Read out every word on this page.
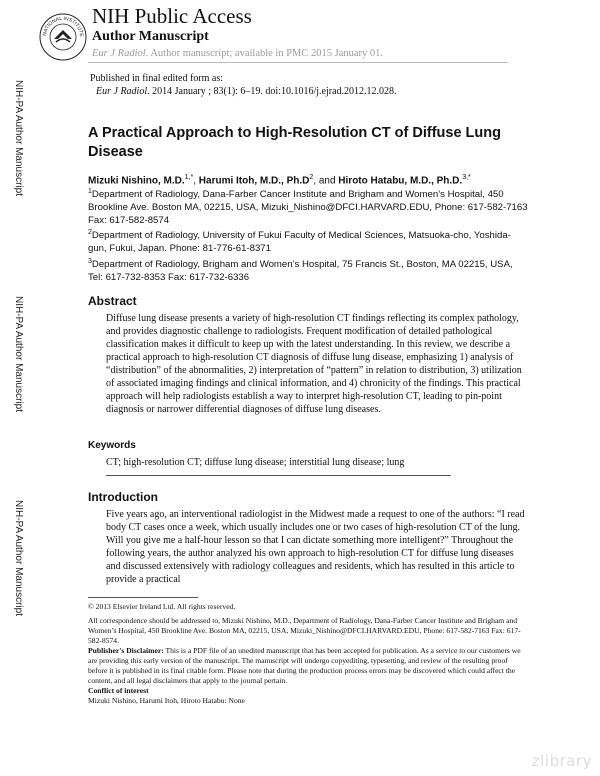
NATIONAL INSTITUTE
NIH Public Access
Author Manuscript
Eur J Radiol. Author manuscript; available in PMC 2015 January 01.
NIH-PA Author Manuscript
NIH-PA Author Manuscript
NIH-PA Author Manuscript
Published in final edited form as:
Eur J Radiol. 2014 January ; 83(1): 6–19. doi:10.1016/j.ejrad.2012.12.028.
A Practical Approach to High-Resolution CT of Diffuse Lung Disease
Mizuki Nishino, M.D.$^{1,*}$, Harumi Itoh, M.D., $Ph.D^2$, and Hiroto Hatabu, M.D., Ph.D.$^{3,*}$
$^1$Department of Radiology, Dana-Farber Cancer Institute and Brigham and Women’s Hospital, 450 Brookline Ave. Boston MA, 02215, USA, Mizuki_Nishino@DFCI.HARVARD.EDU, Phone: 617-582-7163 Fax: 617-582-8574
$^2$Department of Radiology, University of Fukui Faculty of Medical Sciences, Matsuoka-cho, Yoshida-gun, Fukui, Japan. Phone: 81-776-61-8371
$^3$Department of Radiology, Brigham and Women’s Hospital, 75 Francis St., Boston, MA 02215, USA, Tel: 617-732-8353 Fax: 617-732-6336
Abstract
Diffuse lung disease presents a variety of high-resolution CT findings reflecting its complex pathology, and provides diagnostic challenge to radiologists. Frequent modification of detailed pathological classification makes it difficult to keep up with the latest understanding. In this review, we describe a practical approach to high-resolution CT diagnosis of diffuse lung disease, emphasizing 1) analysis of “distribution” of the abnormalities, 2) interpretation of “pattern” in relation to distribution, 3) utilization of associated imaging findings and clinical information, and 4) chronicity of the findings. This practical approach will help radiologists establish a way to interpret high-resolution CT, leading to pin-point diagnosis or narrower differential diagnoses of diffuse lung diseases.
Keywords
CT; high-resolution CT; diffuse lung disease; interstitial lung disease; lung
Introduction
Five years ago, an interventional radiologist in the Midwest made a request to one of the authors: “I read body CT cases once a week, which usually includes one or two cases of high-resolution CT of the lung. Will you give me a half-hour lesson so that I can dictate something more intelligent?” Throughout the following years, the author analyzed his own approach to high-resolution CT for diffuse lung diseases and discussed extensively with radiology colleagues and residents, which has resulted in this article to provide a practical
© 2013 Elsevier Ireland Ltd. All rights reserved.
All correspondence should be addressed to, Mizuki Nishino, M.D., Department of Radiology, Dana-Farber Cancer Institute and Brigham and Women’s Hospital, 450 Brookline Ave. Boston MA, 02215, USA, Mizuki_Nishino@DFCI.HARVARD.EDU, Phone: 617-582-7163 Fax: 617-582-8574.
Publisher's Disclaimer: This is a PDF file of an unedited manuscript that has been accepted for publication. As a service to our customers we are providing this early version of the manuscript. The manuscript will undergo copyediting, typesetting, and review of the resulting proof before it is published in its final citable form. Please note that during the production process errors may be discovered which could affect the content, and all legal disclaimers that apply to the journal pertain.
Conflict of interest
Mizuki Nishino, Harumi Itoh, Hiroto Hatabu: None
zlibrary
